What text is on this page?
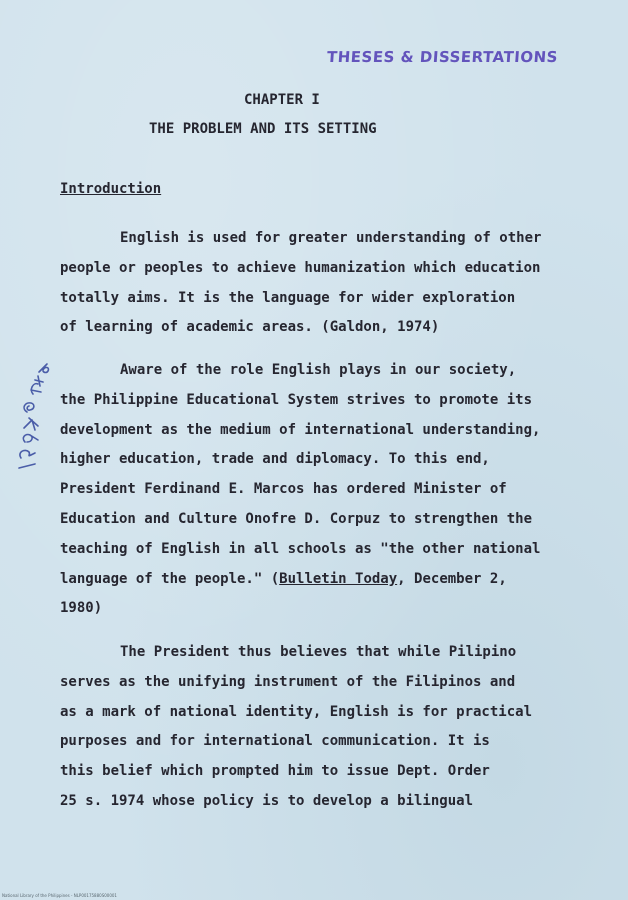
THESES & DISSERTATIONS
CHAPTER I
THE PROBLEM AND ITS SETTING
Introduction
English is used for greater understanding of other
people or peoples to achieve humanization which education
totally aims. It is the language for wider exploration
of learning of academic areas. (Galdon, 1974)
Aware of the role English plays in our society,
the Philippine Educational System strives to promote its
development as the medium of international understanding,
higher education, trade and diplomacy. To this end,
President Ferdinand E. Marcos has ordered Minister of
Education and Culture Onofre D. Corpuz to strengthen the
teaching of English in all schools as "the other national
language of the people." (Bulletin Today, December 2,
1980)
The President thus believes that while Pilipino
serves as the unifying instrument of the Filipinos and
as a mark of national identity, English is for practical
purposes and for international communication. It is
this belief which prompted him to issue Dept. Order
25 s. 1974 whose policy is to develop a bilingual
National Library of the Philippines - NLP00175880S00001
